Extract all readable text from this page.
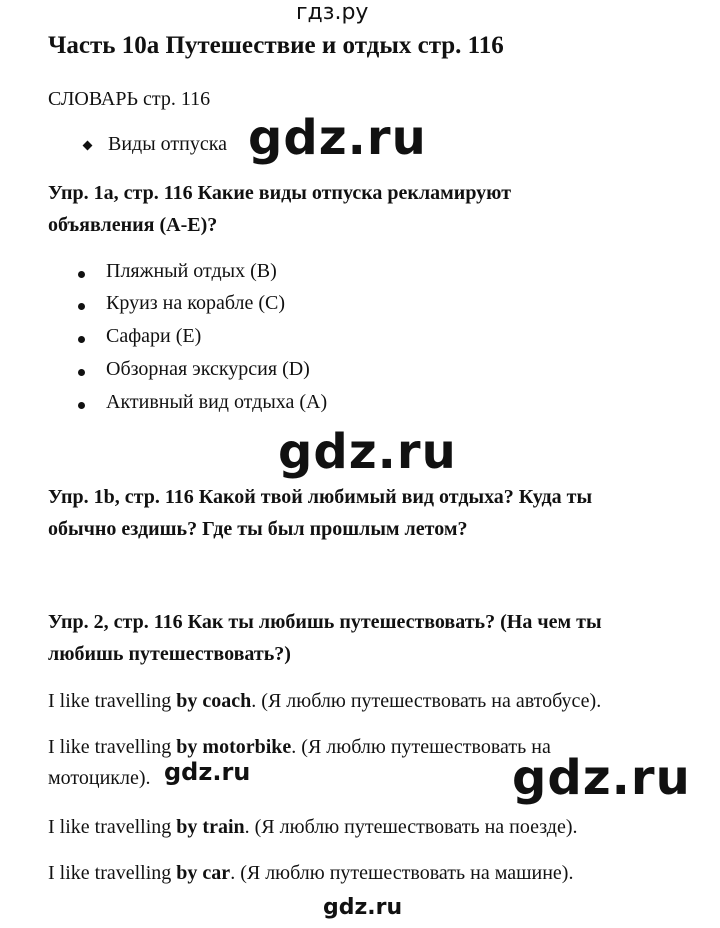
гдз.ру
Часть 10а Путешествие и отдых стр. 116
СЛОВАРЬ стр. 116
Виды отпуска gdz.ru
Упр. 1а, стр. 116 Какие виды отпуска рекламируют
объявления (А-Е)?
Пляжный отдых (В)
Круиз на корабле (С)
Сафари (Е)
Обзорная экскурсия (D)
Активный вид отдыха (А)
gdz.ru
Упр. 1b, стр. 116 Какой твой любимый вид отдыха? Куда ты
обычно ездишь? Где ты был прошлым летом?
Упр. 2, стр. 116 Как ты любишь путешествовать? (На чем ты
любишь путешествовать?)
I like travelling by coach. (Я люблю путешествовать на автобусе).
I like travelling by motorbike. (Я люблю путешествовать на
мотоцикле). gdz.ru	gdz.ru
I like travelling by train. (Я люблю путешествовать на поезде).
I like travelling by car. (Я люблю путешествовать на машине).
gdz.ru
